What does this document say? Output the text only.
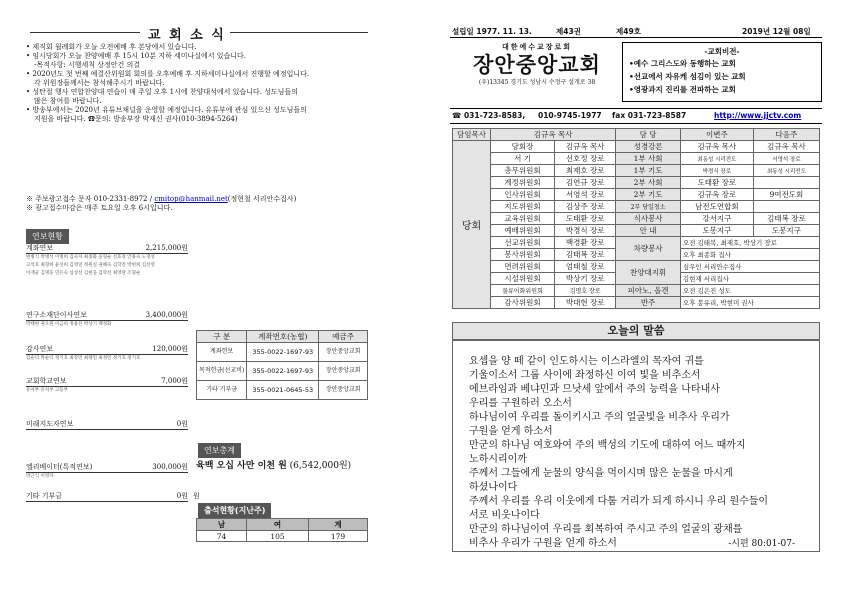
교 회 소 식
• 제직회 월례회가 오늘 오전예배 후 본당에서 있습니다.
• 임시당회가 오늘 찬양예배 후 15시 10분 지하 세미나실에서 있습니다.
-목적사항: 시행세칙 상정안건 의결
• 2020년도 첫 번째 예결산위원회 회의를 오후예배 후 지하세미나실에서 진행할 예정입니다.
각 위원장들께서는 참석해주시기 바랍니다.
• 성탄절 행사 연합찬양대 연습이 매 주일 오후 1시에 찬양대석에서 있습니다. 성도님들의
많은 참여를 바랍니다.
• 방송부에서는 2020년 유튜브채널을 운영할 예정입니다. 유튜부에 관심 있으신 성도님들의
지원을 바랍니다. ☎문의: 방송부장 박재신 권사(010-3894-5264)
※ 주보광고접수 문자 010-2331-8972 / cmitop@hanmail.net(정현철 서리안수집사)
※ 광고접수마감은 매주 토요일 오후 6시입니다.
연보현황
계좌연보	2,215,000원
변병식 박병석 이병희 김숙자 최종화 윤형순 선효정 안용숙 노경성
고석호 최형희 윤선희 김영일 정원실 권해숙 김학진 박현희 김선영
이재균 김명웅 민유숙 심상선 김현웅 김학선 최영란 조형순
연구소재단이사연보	3,400,000원
박태현 권오원 이금희 정용선 박상기 백정화
감사연보	120,000원
김순덕 박순덕 정기호 최강민 최태민 최정민 정기호 정기호
교회학교연보	7,000원
유아부 유치부 고등부
미래지도자연보	0원
엘리베이터(특적연보)	300,000원
박근식 이영자
기타 기부금	0원
구 분	계좌번호(농협)	예금주
계좌헌보	355-0022-1697-93	장안중앙교회
목적헌금(선교비)	355-0022-1697-93	장안중앙교회
기타 기부금	355-0021-0645-53	장안중앙교회
연보총계
육백 오십 사만 이천 원 (6,542,000원)
원
출석현황(지난주)
남	여	계
74	105	179
설립일 1977. 11. 13.	제43권	제49호	2019년 12월 08일
대한예수교장로회
장안중앙교회
(우)13345 경기도 성남시 수정구 설개로 38
-교회비전-
•예수 그리스도와 동행하는 교회
•선교에서 자유케 섬김이 있는 교회
•영광과지 진리를 전파하는 교회
☎ 031-723-8583, 010-9745-1977 fax 031-723-8587	http://www.jjctv.com
담임목사	김규옥 목사		담 당	이변주	다음주
당회	당회장	김규옥 목사	성경강론	김규옥 목사	김규옥 목사
	서 기	선호정 장로	1부 사회	최동성 시리전도	서영석 장로
	총무위원회	최재호 장로	1부 기도	박경식 장로	최동성 시리전도
	계정위원회	김연규 장로	2부 사회	도태환 장로	
	인사위원회	서영석 장로	2부 기도	김규옥 장로	9여전도회
	지도위원회	김상주 장로	2부 당일청소	남전도연합회	
	교육위원회	도태환 장로	식사봉사	강서지구	김태복 장로
	예배위원회	박경식 장로	안 내	도봉지구	도봉지구
	선교위원회	백경환 장로	차량봉사	오전 김태복, 최재호, 박상기 장로	
	봉사위원회	김태복 장로		오후 최종화 집사	
	면려위원회	엄태철 장로	찬양대지휘	심우인 서리안수집사	
	시설위원회	박상기 장로		김현재 서리집사	
	물류어화위원회	김명호 장로	피아노, 올겐	오전 김은진 성도	
	감사위원회	박대현 장로	반주	오후 봉유리, 박현미 권사	
오늘의 말씀
요셉을 양 떼 같이 인도하시는 이스라엘의 목자여 귀를
기울이소서 그룹 사이에 좌정하신 이여 빛을 비추소서
에브라임과 베냐민과 므낫세 앞에서 주의 능력을 나타내사
우리를 구원하러 오소서
하나님이여 우리를 돌이키시고 주의 얼굴빛을 비추사 우리가
구원을 얻게 하소서
만군의 하나님 여호와여 주의 백성의 기도에 대하여 어느 때까지
노하시리이까
주께서 그들에게 눈물의 양식을 먹이시며 많은 눈물을 마시게
하셨나이다
주께서 우리를 우리 이웃에게 다툼 거리가 되게 하시니 우리 원수들이
서로 비웃나이다
만군의 하나님이여 우리를 회복하여 주시고 주의 얼굴의 광채를
비추사 우리가 구원을 얻게 하소서	-시편 80:01-07-
